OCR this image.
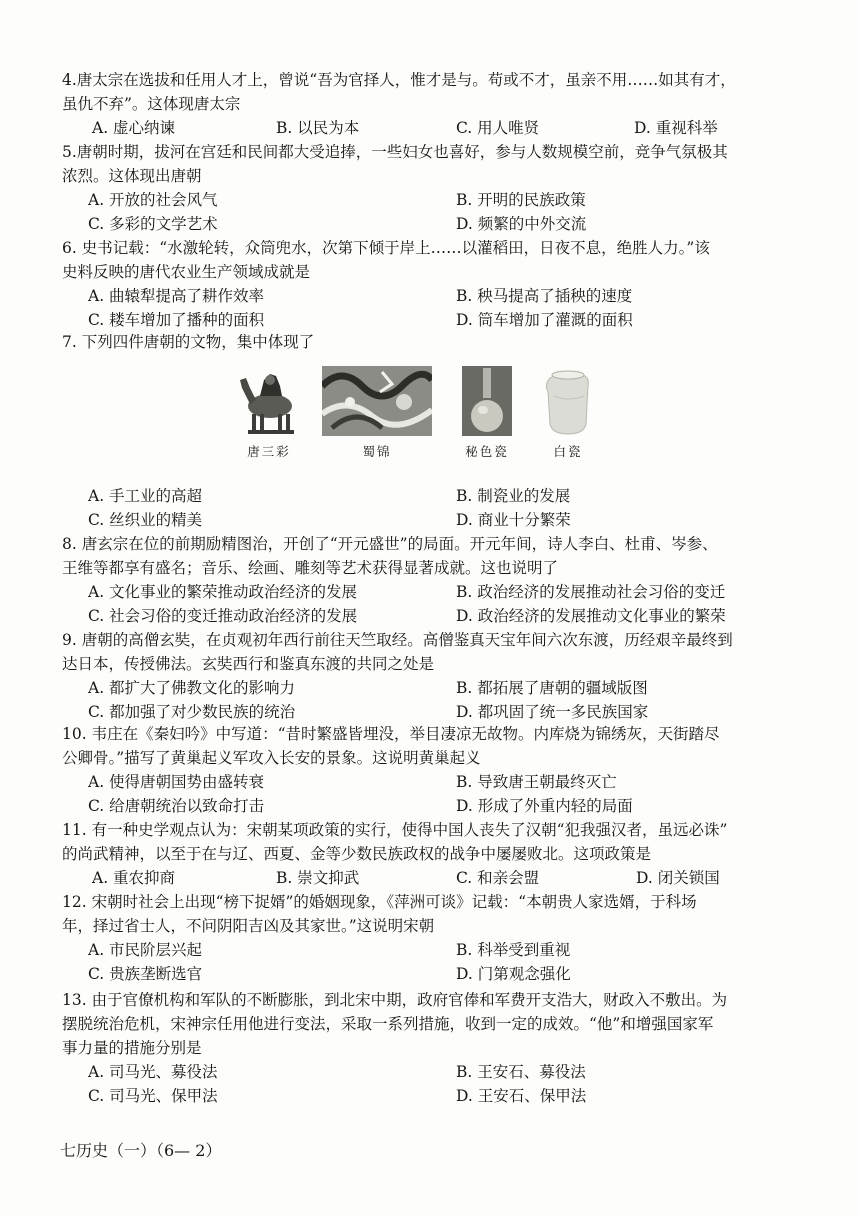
4.唐太宗在选拔和任用人才上，曾说“吾为官择人，惟才是与。苟或不才，虽亲不用……如其有才，
虽仇不弃”。这体现唐太宗
A. 虚心纳谏	B. 以民为本	C. 用人唯贤	D. 重视科举
5.唐朝时期，拔河在宫廷和民间都大受追捧，一些妇女也喜好，参与人数规模空前，竞争气氛极其
浓烈。这体现出唐朝
A. 开放的社会风气	B. 开明的民族政策
C. 多彩的文学艺术	D. 频繁的中外交流
6. 史书记载：“水激轮转，众筒兜水，次第下倾于岸上……以灌稻田，日夜不息，绝胜人力。”该
史料反映的唐代农业生产领域成就是
A. 曲辕犁提高了耕作效率	B. 秧马提高了插秧的速度
C. 耧车增加了播种的面积	D. 筒车增加了灌溉的面积
7. 下列四件唐朝的文物，集中体现了
唐三彩	蜀锦	秘色瓷	白瓷
A. 手工业的高超	B. 制瓷业的发展
C. 丝织业的精美	D. 商业十分繁荣
8. 唐玄宗在位的前期励精图治，开创了“开元盛世”的局面。开元年间，诗人李白、杜甫、岑参、
王维等都享有盛名；音乐、绘画、雕刻等艺术获得显著成就。这也说明了
A. 文化事业的繁荣推动政治经济的发展	B. 政治经济的发展推动社会习俗的变迁
C. 社会习俗的变迁推动政治经济的发展	D. 政治经济的发展推动文化事业的繁荣
9. 唐朝的高僧玄奘，在贞观初年西行前往天竺取经。高僧鉴真天宝年间六次东渡，历经艰辛最终到
达日本，传授佛法。玄奘西行和鉴真东渡的共同之处是
A. 都扩大了佛教文化的影响力	B. 都拓展了唐朝的疆域版图
C. 都加强了对少数民族的统治	D. 都巩固了统一多民族国家
10. 韦庄在《秦妇吟》中写道：“昔时繁盛皆埋没，举目凄凉无故物。内库烧为锦绣灰，天街踏尽
公卿骨。”描写了黄巢起义军攻入长安的景象。这说明黄巢起义
A. 使得唐朝国势由盛转衰	B. 导致唐王朝最终灭亡
C. 给唐朝统治以致命打击	D. 形成了外重内轻的局面
11. 有一种史学观点认为：宋朝某项政策的实行，使得中国人丧失了汉朝“犯我强汉者，虽远必诛”
的尚武精神，以至于在与辽、西夏、金等少数民族政权的战争中屡屡败北。这项政策是
A. 重农抑商	B. 崇文抑武	C. 和亲会盟	D. 闭关锁国
12. 宋朝时社会上出现“榜下捉婿”的婚姻现象，《萍洲可谈》记载：“本朝贵人家选婿，于科场
年，择过省士人，不问阴阳吉凶及其家世。”这说明宋朝
A. 市民阶层兴起	B. 科举受到重视
C. 贵族垄断选官	D. 门第观念强化
13. 由于官僚机构和军队的不断膨胀，到北宋中期，政府官俸和军费开支浩大，财政入不敷出。为
摆脱统治危机，宋神宗任用他进行变法，采取一系列措施，收到一定的成效。“他”和增强国家军
事力量的措施分别是
A. 司马光、募役法	B. 王安石、募役法
C. 司马光、保甲法	D. 王安石、保甲法
七历史（一）（6— 2）
